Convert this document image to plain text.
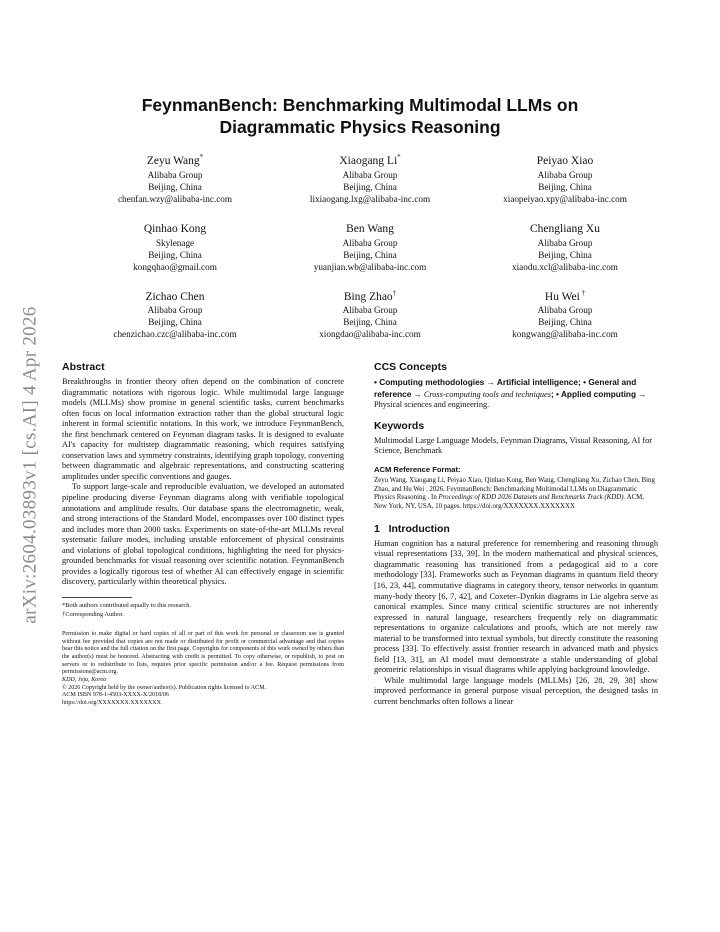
arXiv:2604.03893v1 [cs.AI] 4 Apr 2026
FeynmanBench: Benchmarking Multimodal LLMs on
Diagrammatic Physics Reasoning
Zeyu Wang*
Alibaba Group
Beijing, China
chenfan.wzy@alibaba-inc.com
Xiaogang Li*
Alibaba Group
Beijing, China
lixiaogang.lxg@alibaba-inc.com
Peiyao Xiao
Alibaba Group
Beijing, China
xiaopeiyao.xpy@alibaba-inc.com
Qinhao Kong
Skylenage
Beijing, China
kongqhao@gmail.com
Ben Wang
Alibaba Group
Beijing, China
yuanjian.wb@alibaba-inc.com
Chengliang Xu
Alibaba Group
Beijing, China
xiaodu.xcl@alibaba-inc.com
Zichao Chen
Alibaba Group
Beijing, China
chenzichao.czc@alibaba-inc.com
Bing Zhao†
Alibaba Group
Beijing, China
xiongdao@alibaba-inc.com
Hu Wei †
Alibaba Group
Beijing, China
kongwang@alibaba-inc.com
Abstract

Breakthroughs in frontier theory often depend on the combination of concrete diagrammatic notations with rigorous logic. While multimodal large language models (MLLMs) show promise in general scientific tasks, current benchmarks often focus on local information extraction rather than the global structural logic inherent in formal scientific notations. In this work, we introduce FeynmanBench, the first benchmark centered on Feynman diagram tasks. It is designed to evaluate AI's capacity for multistep diagrammatic reasoning, which requires satisfying conservation laws and symmetry constraints, identifying graph topology, converting between diagrammatic and algebraic representations, and constructing scattering amplitudes under specific conventions and gauges.

To support large-scale and reproducible evaluation, we developed an automated pipeline producing diverse Feynman diagrams along with verifiable topological annotations and amplitude results. Our database spans the electromagnetic, weak, and strong interactions of the Standard Model, encompasses over 100 distinct types and includes more than 2000 tasks. Experiments on state-of-the-art MLLMs reveal systematic failure modes, including unstable enforcement of physical constraints and violations of global topological conditions, highlighting the need for physics-grounded benchmarks for visual reasoning over scientific notation. FeynmanBench provides a logically rigorous test of whether AI can effectively engage in scientific discovery, particularly within theoretical physics.

*Both authors contributed equally to this research.
†Corresponding Author.

Permission to make digital or hard copies of all or part of this work for personal or classroom use is granted without fee provided that copies are not made or distributed for profit or commercial advantage and that copies bear this notice and the full citation on the first page. Copyrights for components of this work owned by others than the author(s) must be honored. Abstracting with credit is permitted. To copy otherwise, or republish, to post on servers or to redistribute to lists, requires prior specific permission and/or a fee. Request permissions from permissions@acm.org.

KDD, Jeju, Korea
© 2026 Copyright held by the owner/author(s). Publication rights licensed to ACM.
ACM ISBN 978-1-4503-XXXX-X/2018/06
https://doi.org/XXXXXXX.XXXXXXX
CCS Concepts

• Computing methodologies → Artificial intelligence; • General and reference → Cross-computing tools and techniques; • Applied computing → Physical sciences and engineering.

Keywords

Multimodal Large Language Models, Feynman Diagrams, Visual Reasoning, AI for Science, Benchmark

ACM Reference Format:

Zeyu Wang, Xiaogang Li, Peiyao Xiao, Qinhao Kong, Ben Wang, Chengliang Xu, Zichao Chen, Bing Zhao, and Hu Wei . 2026. FeynmanBench: Benchmarking Multimodal LLMs on Diagrammatic Physics Reasoning . In Proceedings of KDD 2026 Datasets and Benchmarks Track (KDD). ACM, New York, NY, USA, 10 pages. https://doi.org/XXXXXXX.XXXXXXX

1   Introduction

Human cognition has a natural preference for remembering and reasoning through visual representations [33, 39]. In the modern mathematical and physical sciences, diagrammatic reasoning has transitioned from a pedagogical aid to a core methodology [33]. Frameworks such as Feynman diagrams in quantum field theory [16, 23, 44], commutative diagrams in category theory, tensor networks in quantum many-body theory [6, 7, 42], and Coxeter–Dynkin diagrams in Lie algebra serve as canonical examples. Since many critical scientific structures are not inherently expressed in natural language, researchers frequently rely on diagrammatic representations to organize calculations and proofs, which are not merely raw material to be transformed into textual symbols, but directly constitute the reasoning process [33]. To effectively assist frontier research in advanced math and physics field [13, 31], an AI model must demonstrate a stable understanding of global geometric relationships in visual diagrams while applying background knowledge.

While multimodal large language models (MLLMs) [26, 28, 29, 38] show improved performance in general purpose visual perception, the designed tasks in current benchmarks often follows a linear
